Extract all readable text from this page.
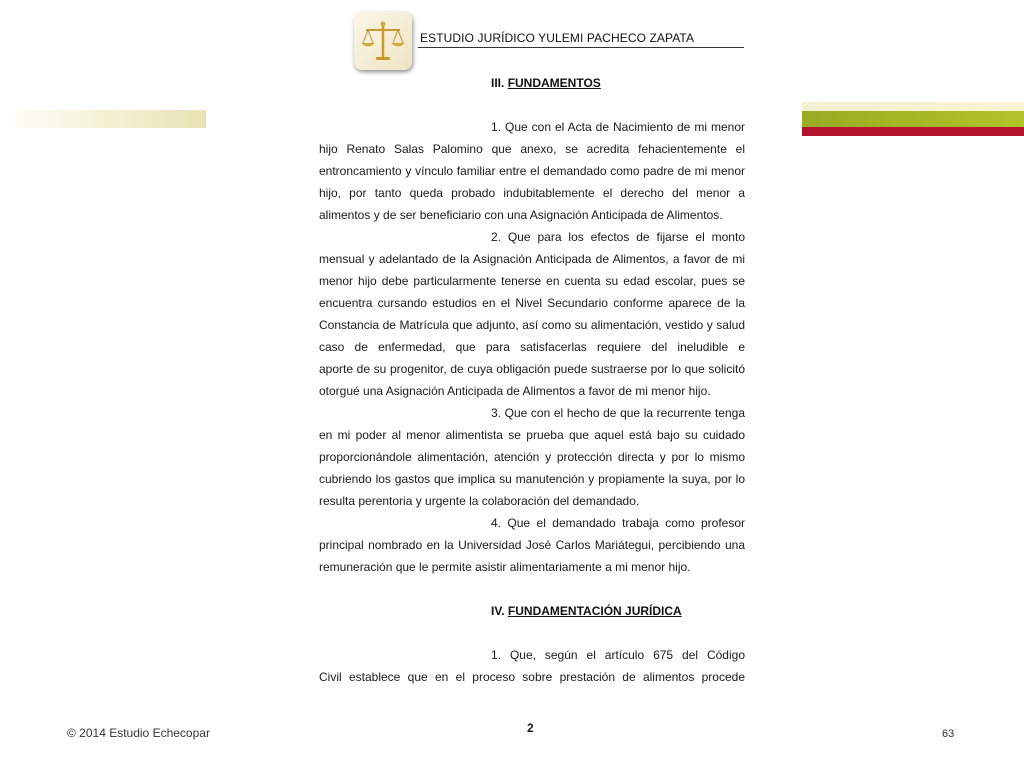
ESTUDIO JURÍDICO YULEMI PACHECO ZAPATA
III. FUNDAMENTOS
1. Que con el Acta de Nacimiento de mi menor
hijo Renato Salas Palomino que anexo, se acredita fehacientemente el
entroncamiento y vínculo familiar entre el demandado como padre de mi menor
hijo, por tanto queda probado indubitablemente el derecho del menor a
alimentos y de ser beneficiario con una Asignación Anticipada de Alimentos.
2. Que para los efectos de fijarse el monto
mensual y adelantado de la Asignación Anticipada de Alimentos, a favor de mi
menor hijo debe particularmente tenerse en cuenta su edad escolar, pues se
encuentra cursando estudios en el Nivel Secundario conforme aparece de la
Constancia de Matrícula que adjunto, así como su alimentación, vestido y salud
caso de enfermedad, que para satisfacerlas requiere del ineludible e
aporte de su progenitor, de cuya obligación puede sustraerse por lo que solicitó
otorgué una Asignación Anticipada de Alimentos a favor de mi menor hijo.
3. Que con el hecho de que la recurrente tenga
en mi poder al menor alimentista se prueba que aquel está bajo su cuidado
proporcionándole alimentación, atención y protección directa y por lo mismo
cubriendo los gastos que implica su manutención y propiamente la suya, por lo
resulta perentoria y urgente la colaboración del demandado.
4. Que el demandado trabaja como profesor
principal nombrado en la Universidad José Carlos Mariátegui, percibiendo una
remuneración que le permite asistir alimentariamente a mi menor hijo.
IV. FUNDAMENTACIÓN JURÍDICA
1. Que, según el artículo 675 del Código
Civil establece que en el proceso sobre prestación de alimentos procede
2
© 2014 Estudio Echecopar	63
